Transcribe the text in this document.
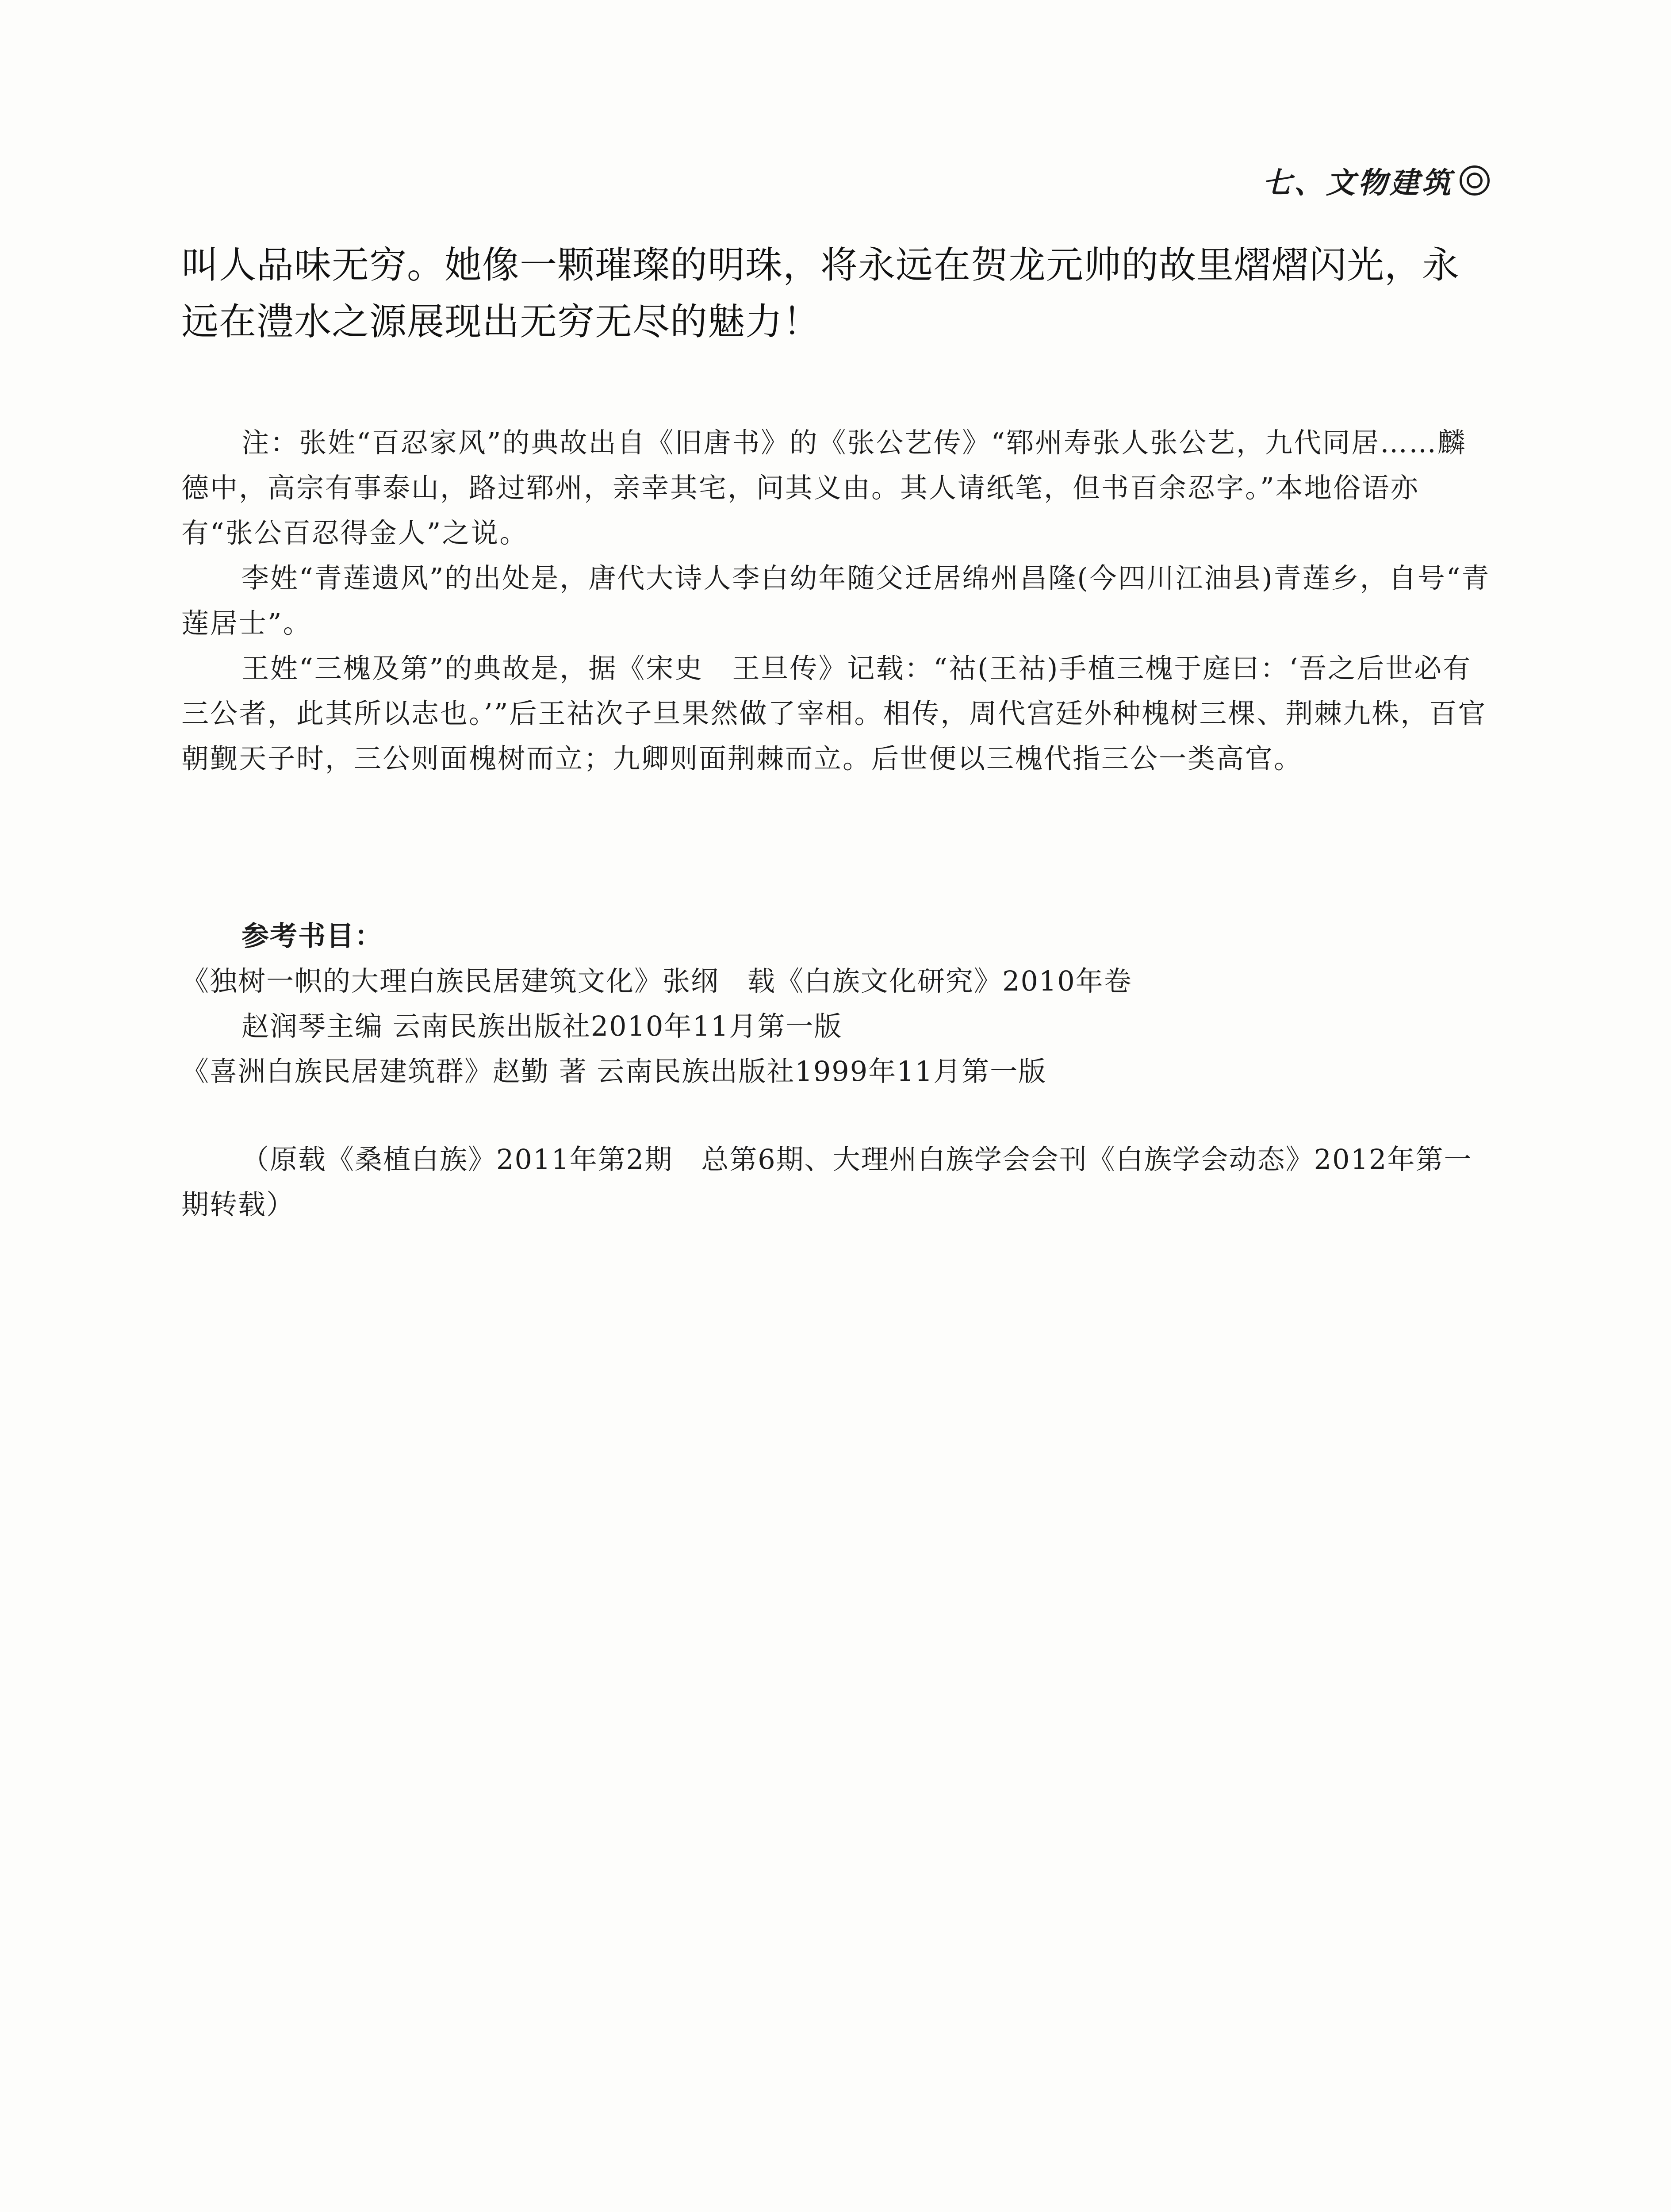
七、文物建筑
叫人品味无穷。她像一颗璀璨的明珠，将永远在贺龙元帅的故里熠熠闪光，永
远在澧水之源展现出无穷无尽的魅力！

注：张姓“百忍家风”的典故出自《旧唐书》的《张公艺传》“郓州寿张人张公艺，九代同居……麟德中，高宗有事泰山，路过郓州，亲幸其宅，问其义由。其人请纸笔，但书百余忍字。”本地俗语亦有“张公百忍得金人”之说。

李姓“青莲遗风”的出处是，唐代大诗人李白幼年随父迁居绵州昌隆(今四川江油县)青莲乡，自号“青莲居士”。

王姓“三槐及第”的典故是，据《宋史　王旦传》记载：“祜(王祜)手植三槐于庭曰：‘吾之后世必有三公者，此其所以志也。’”后王祜次子旦果然做了宰相。相传，周代宫廷外种槐树三棵、荆棘九株，百官朝觐天子时，三公则面槐树而立；九卿则面荆棘而立。后世便以三槐代指三公一类高官。

参考书目：
《独树一帜的大理白族民居建筑文化》张纲　载《白族文化研究》2010年卷
赵润琴主编 云南民族出版社2010年11月第一版
《喜洲白族民居建筑群》赵勤 著 云南民族出版社1999年11月第一版

（原载《桑植白族》2011年第2期　总第6期、大理州白族学会会刊《白族学会动态》2012年第一期转载）
